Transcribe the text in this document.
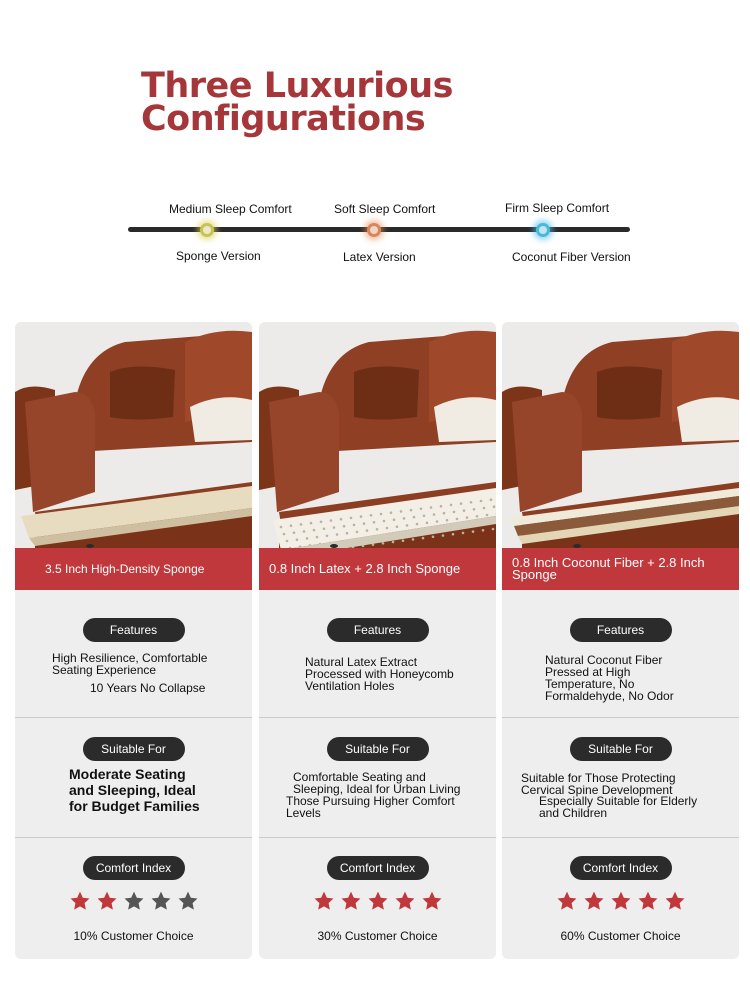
Three Luxurious
Configurations
Medium Sleep Comfort	Soft Sleep Comfort	Firm Sleep Comfort
Sponge Version	Latex Version	Coconut Fiber Version
3.5 Inch High-Density Sponge
Features
High Resilience, Comfortable Seating Experience
10 Years No Collapse
Suitable For
Moderate Seating and Sleeping, Ideal for Budget Families
Comfort Index
10% Customer Choice
0.8 Inch Latex + 2.8 Inch Sponge
Features
Natural Latex Extract Processed with Honeycomb Ventilation Holes
Suitable For
Comfortable Seating and Sleeping, Ideal for Urban Living
Those Pursuing Higher Comfort Levels
Comfort Index
30% Customer Choice
0.8 Inch Coconut Fiber + 2.8 Inch Sponge
Features
Natural Coconut Fiber Pressed at High Temperature, No Formaldehyde, No Odor
Suitable For
Suitable for Those Protecting Cervical Spine Development
Especially Suitable for Elderly and Children
Comfort Index
60% Customer Choice
